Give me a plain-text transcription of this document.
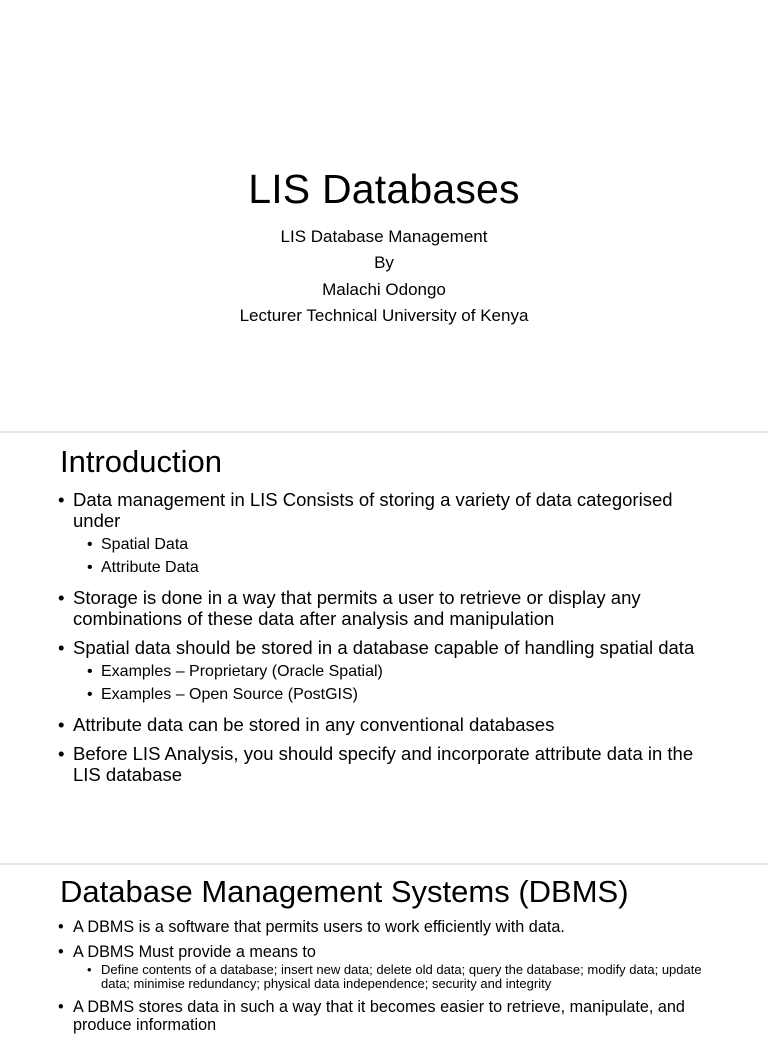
LIS Databases
LIS Database Management
By
Malachi Odongo
Lecturer Technical University of Kenya
Introduction
• Data management in LIS Consists of storing a variety of data categorised under
• Spatial Data
• Attribute Data
• Storage is done in a way that permits a user to retrieve or display any combinations of these data after analysis and manipulation
• Spatial data should be stored in a database capable of handling spatial data
• Examples – Proprietary (Oracle Spatial)
• Examples – Open Source (PostGIS)
• Attribute data can be stored in any conventional databases
• Before LIS Analysis, you should specify and incorporate attribute data in the LIS database
Database Management Systems (DBMS)
• A DBMS is a software that permits users to work efficiently with data.
• A DBMS Must provide a means to
• Define contents of a database; insert new data; delete old data; query the database; modify data; update data; minimise redundancy; physical data independence; security and integrity
• A DBMS stores data in such a way that it becomes easier to retrieve, manipulate, and produce information
